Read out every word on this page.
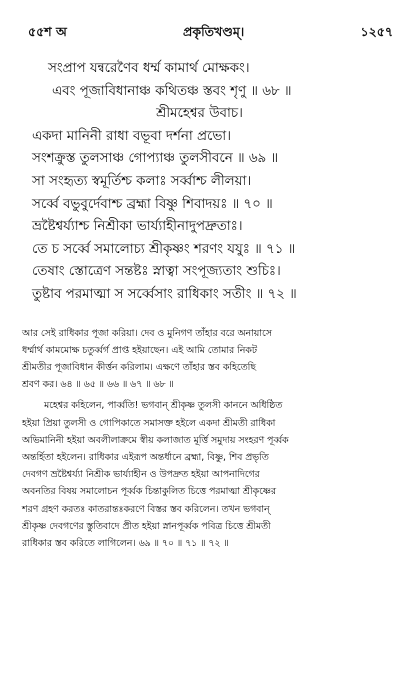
৫৫শ অ	প্রকৃতিখণ্ডম্।	১২৫৭
সংপ্রাপ যন্বরেণৈব ধর্ম্ম কামার্থ মোক্ষকং।
এবং পূজাবিধানাঞ্চ কথিতঞ্চ স্তবং শৃণু ॥ ৬৮ ॥
শ্রীমহেশ্বর উবাচ।
একদা মানিনী রাধা বভূবা দর্শনা প্রভো।
সংশক্রুস্ত তুলসাঞ্চ গোপ্যাঞ্চ তুলসীবনে ॥ ৬৯ ॥
সা সংহৃত্য স্বমূর্তিশ্চ কলাঃ সর্ব্বাশ্চ লীলয়া।
সর্ব্বে বভুবুর্দেবাশ্চ ব্রহ্মা বিষ্ণু শিবাদয়ঃ ॥ ৭০ ॥
ভ্রষ্টৈশ্বর্য্যাশ্চ নিশ্রীকা ভার্য্যাহীনাদুপদ্রুতাঃ।
তে চ সর্ব্বে সমালোচ্য শ্রীকৃষ্ণং শরণং যযুঃ ॥ ৭১ ॥
তেষাং স্তোত্রেণ সন্তষ্টঃ স্নাত্বা সংপূজ্যতাং শুচিঃ।
তুষ্টাব পরমাত্মা স সর্ব্বেসাং রাধিকাং সতীং ॥ ৭২ ॥

আর সেই রাধিকার পূজা করিয়া। দেব ও মুনিগণ তাঁহার বরে অনায়াসে

ধর্ম্মার্থ কামমোক্ষ চতুর্ব্বর্গ প্রাপ্ত হইয়াছেন। এই আমি তোমার নিকট

শ্রীমতীর পূজাবিধান কীর্ত্তন করিলাম। এক্ষণে তাঁহার স্তব কহিতেছি

শ্রবণ কর। ৬৪ ॥ ৬৫ ॥ ৬৬ ॥ ৬৭ ॥ ৬৮ ॥

মহেশ্বর কহিলেন, পার্ব্বতি! ভগবান্ শ্রীকৃষ্ণ তুলসী কাননে অধিষ্ঠিত

হইয়া প্রিয়া তুলসী ও গোপিকাতে সমাসক্ত হইলে একদা শ্রীমতী রাধিকা

অভিমানিনী হইয়া অবলীলাক্রমে স্বীয় কলাজাত মূর্ত্তি সমুদায় সংহরণ পূর্ব্বক

অন্তর্হিতা হইলেন। রাধিকার এইরূপ অন্তর্ধানে ব্রহ্মা, বিষ্ণু, শিব প্রভৃতি

দেবগণ ভ্রষ্টৈশ্বর্য্যা নিশ্রীক ভার্য্যাহীন ও উপদ্রুত হইয়া আপনাদিগের

অবনতির বিষয় সমালোচন পূর্ব্বক চিন্তাকুলিত চিত্তে পরমাত্মা শ্রীকৃষ্ণের

শরণ গ্রহণ করতঃ কাতরান্তঃকরণে বিস্তর স্তব করিলেন। তখন ভগবান্

শ্রীকৃষ্ণ দেবগণের স্তুতিবাদে প্রীত হইয়া স্নানপূর্ব্বক পবিত্র চিত্তে শ্রীমতী

রাধিকার স্তব করিতে লাগিলেন। ৬৯ ॥ ৭০ ॥ ৭১ ॥ ৭২ ॥
